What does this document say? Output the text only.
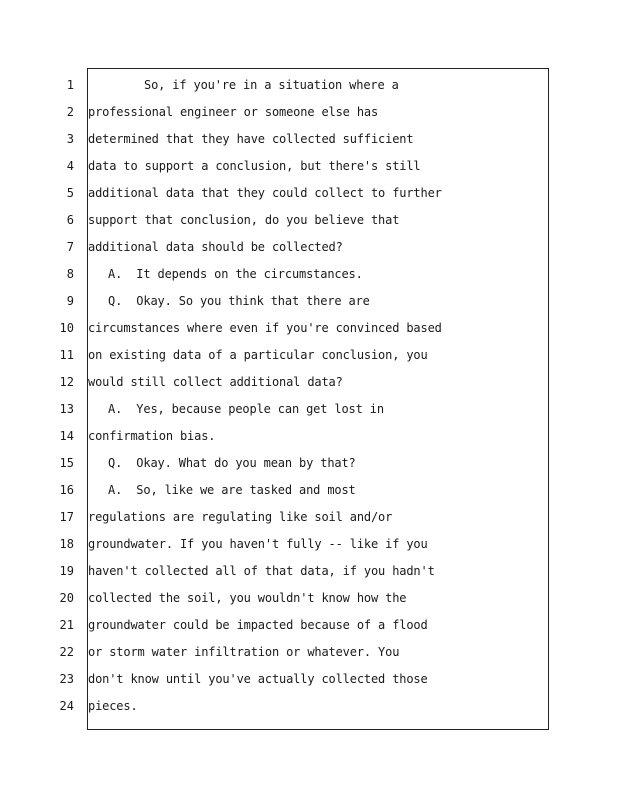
1	So, if you're in a situation where a
2 professional engineer or someone else has
3 determined that they have collected sufficient
4 data to support a conclusion, but there's still
5 additional data that they could collect to further
6 support that conclusion, do you believe that
7 additional data should be collected?
8	A.  It depends on the circumstances.
9	Q.  Okay. So you think that there are
10 circumstances where even if you're convinced based
11 on existing data of a particular conclusion, you
12 would still collect additional data?
13	A.  Yes, because people can get lost in
14 confirmation bias.
15	Q.  Okay. What do you mean by that?
16	A.  So, like we are tasked and most
17 regulations are regulating like soil and/or
18 groundwater. If you haven't fully -- like if you
19 haven't collected all of that data, if you hadn't
20 collected the soil, you wouldn't know how the
21 groundwater could be impacted because of a flood
22 or storm water infiltration or whatever. You
23 don't know until you've actually collected those
24 pieces.
